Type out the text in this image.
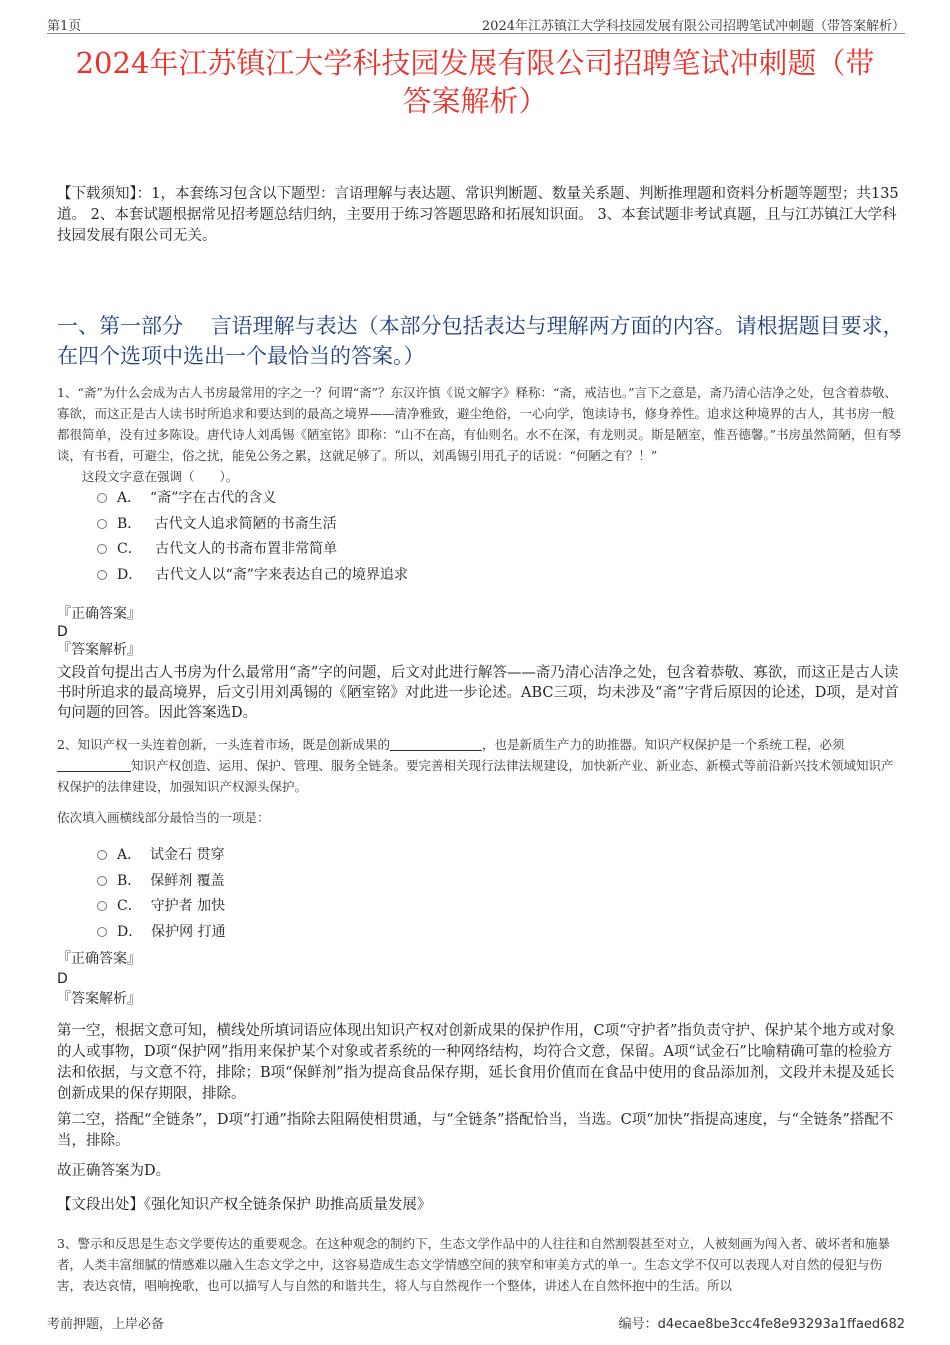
第1页	2024年江苏镇江大学科技园发展有限公司招聘笔试冲刺题（带答案解析）
2024年江苏镇江大学科技园发展有限公司招聘笔试冲刺题（带
答案解析）
【下载须知】：1，本套练习包含以下题型：言语理解与表达题、常识判断题、数量关系题、判断推理题和资料分析题等题型；共135道。 2、本套试题根据常见招考题总结归纳，主要用于练习答题思路和拓展知识面。 3、本套试题非考试真题，且与江苏镇江大学科技园发展有限公司无关。
一、第一部分　 言语理解与表达（本部分包括表达与理解两方面的内容。请根据题目要求，在四个选项中选出一个最恰当的答案。）
1、“斋”为什么会成为古人书房最常用的字之一？何谓“斋”？东汉许慎《说文解字》释称：“斋，戒洁也。”言下之意是，斋乃清心洁净之处，包含着恭敬、寡欲，而这正是古人读书时所追求和要达到的最高之境界——清净雅致，避尘绝俗，一心向学，饱读诗书，修身养性。追求这种境界的古人，其书房一般都很简单，没有过多陈设。唐代诗人刘禹锡《陋室铭》即称：“山不在高，有仙则名。水不在深，有龙则灵。斯是陋室，惟吾德馨。”书房虽然简陋，但有琴谈，有书看，可避尘，俗之扰，能免公务之累，这就足够了。所以，刘禹锡引用孔子的话说：“何陋之有？！”
这段文字意在强调（　　）。
A． “斋”字在古代的含义
B． 古代文人追求简陋的书斋生活
C． 古代文人的书斋布置非常简单
D． 古代文人以“斋”字来表达自己的境界追求
『正确答案』
D
『答案解析』
文段首句提出古人书房为什么最常用“斋”字的问题，后文对此进行解答——斋乃清心洁净之处，包含着恭敬、寡欲，而这正是古人读书时所追求的最高境界，后文引用刘禹锡的《陋室铭》对此进一步论述。ABC三项，均未涉及“斋”字背后原因的论述，D项，是对首句问题的回答。因此答案选D。
2、知识产权一头连着创新，一头连着市场，既是创新成果的	，也是新质生产力的助推器。知识产权保护是一个系统工程，必须知识产权创造、运用、保护、管理、服务全链条。要完善相关现行法律法规建设，加快新产业、新业态、新模式等前沿新兴技术领域知识产权保护的法律建设，加强知识产权源头保护。
依次填入画横线部分最恰当的一项是：
A． 试金石 贯穿
B． 保鲜剂 覆盖
C． 守护者 加快
D． 保护网 打通
『正确答案』
D
『答案解析』
第一空，根据文意可知，横线处所填词语应体现出知识产权对创新成果的保护作用，C项“守护者”指负责守护、保护某个地方或对象的人或事物，D项“保护网”指用来保护某个对象或者系统的一种网络结构，均符合文意，保留。A项“试金石”比喻精确可靠的检验方法和依据，与文意不符，排除；B项“保鲜剂”指为提高食品保存期，延长食用价值而在食品中使用的食品添加剂，文段并未提及延长创新成果的保存期限，排除。
第二空，搭配“全链条”，D项“打通”指除去阻隔使相贯通，与“全链条”搭配恰当，当选。C项“加快”指提高速度，与“全链条”搭配不当，排除。
故正确答案为D。
【文段出处】《强化知识产权全链条保护 助推高质量发展》
3、警示和反思是生态文学要传达的重要观念。在这种观念的制约下，生态文学作品中的人往往和自然割裂甚至对立，人被刻画为闯入者、破坏者和施暴者，人类丰富细腻的情感难以融入生态文学之中，这容易造成生态文学情感空间的狭窄和审美方式的单一。生态文学不仅可以表现人对自然的侵犯与伤害，表达哀情，唱响挽歌，也可以描写人与自然的和谐共生，将人与自然视作一个整体，讲述人在自然怀抱中的生活。所以
考前押题，上岸必备	编号：d4ecae8be3cc4fe8e93293a1ffaed682
